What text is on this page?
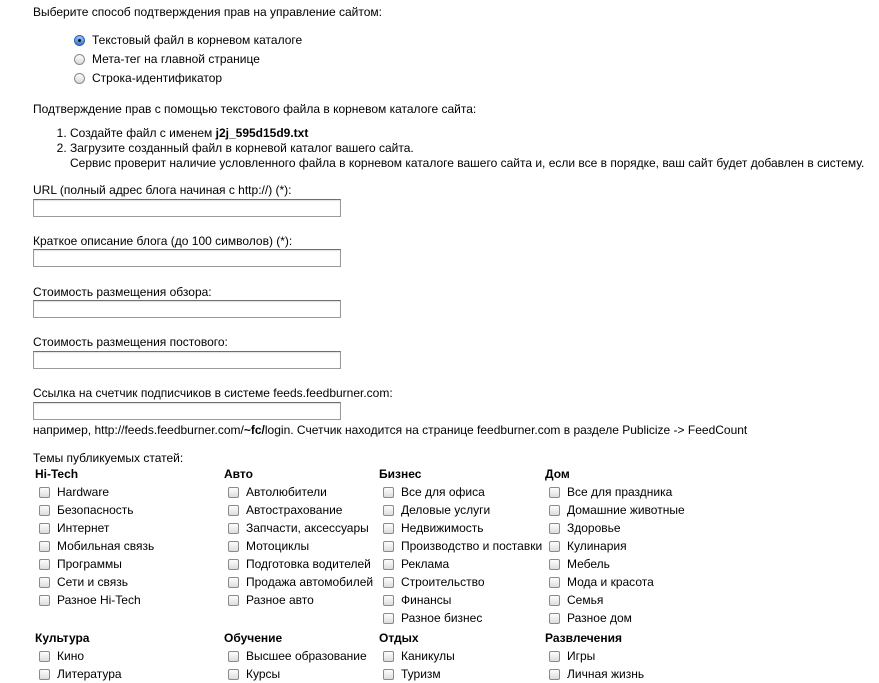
Выберите способ подтверждения прав на управление сайтом:
Текстовый файл в корневом каталоге
Мета-тег на главной странице
Строка-идентификатор
Подтверждение прав с помощью текстового файла в корневом каталоге сайта:
1. Создайте файл с именем j2j_595d15d9.txt
2. Загрузите созданный файл в корневой каталог вашего сайта.
Сервис проверит наличие условленного файла в корневом каталоге вашего сайта и, если все в порядке, ваш сайт будет добавлен в систему.
URL (полный адрес блога начиная с http://) (*):
Краткое описание блога (до 100 символов) (*):
Стоимость размещения обзора:
Стоимость размещения постового:
Ссылка на счетчик подписчиков в системе feeds.feedburner.com:
например, http://feeds.feedburner.com/~fc/login. Счетчик находится на странице feedburner.com в разделе Publicize -> FeedCount
Темы публикуемых статей:
Hi-Tech
Hardware
Безопасность
Интернет
Мобильная связь
Программы
Сети и связь
Разное Hi-Tech
Авто
Автолюбители
Автострахование
Запчасти, аксессуары
Мотоциклы
Подготовка водителей
Продажа автомобилей
Разное авто
Бизнес
Все для офиса
Деловые услуги
Недвижимость
Производство и поставки
Реклама
Строительство
Финансы
Разное бизнес
Дом
Все для праздника
Домашние животные
Здоровье
Кулинария
Мебель
Мода и красота
Семья
Разное дом
Культура
Кино
Литература
Обучение
Высшее образование
Курсы
Отдых
Каникулы
Туризм
Развлечения
Игры
Личная жизнь
